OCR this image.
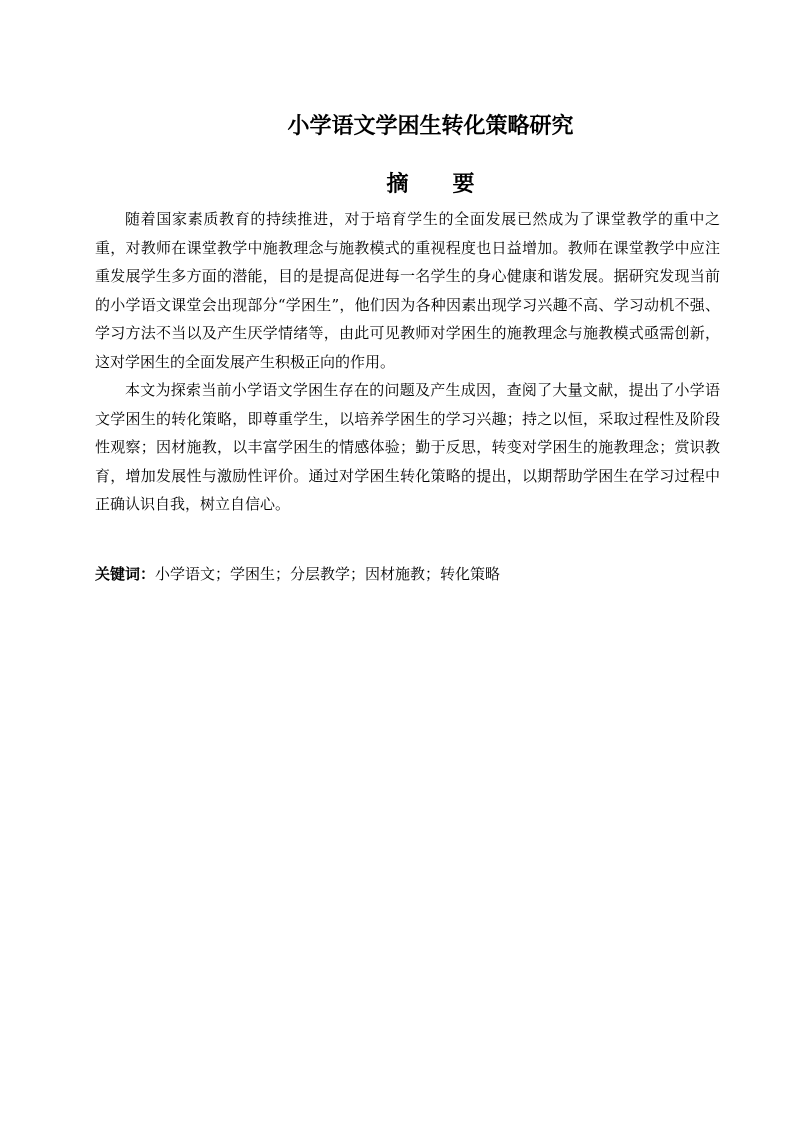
小学语文学困生转化策略研究
摘要

随着国家素质教育的持续推进，对于培育学生的全面发展已然成为了课堂教学的重中之重，对教师在课堂教学中施教理念与施教模式的重视程度也日益增加。教师在课堂教学中应注重发展学生多方面的潜能，目的是提高促进每一名学生的身心健康和谐发展。据研究发现当前的小学语文课堂会出现部分“学困生”，他们因为各种因素出现学习兴趣不高、学习动机不强、学习方法不当以及产生厌学情绪等，由此可见教师对学困生的施教理念与施教模式亟需创新，这对学困生的全面发展产生积极正向的作用。

本文为探索当前小学语文学困生存在的问题及产生成因，查阅了大量文献，提出了小学语文学困生的转化策略，即尊重学生，以培养学困生的学习兴趣；持之以恒，采取过程性及阶段性观察；因材施教，以丰富学困生的情感体验；勤于反思，转变对学困生的施教理念；赏识教育，增加发展性与激励性评价。通过对学困生转化策略的提出，以期帮助学困生在学习过程中正确认识自我，树立自信心。

关键词：小学语文；学困生；分层教学；因材施教；转化策略
